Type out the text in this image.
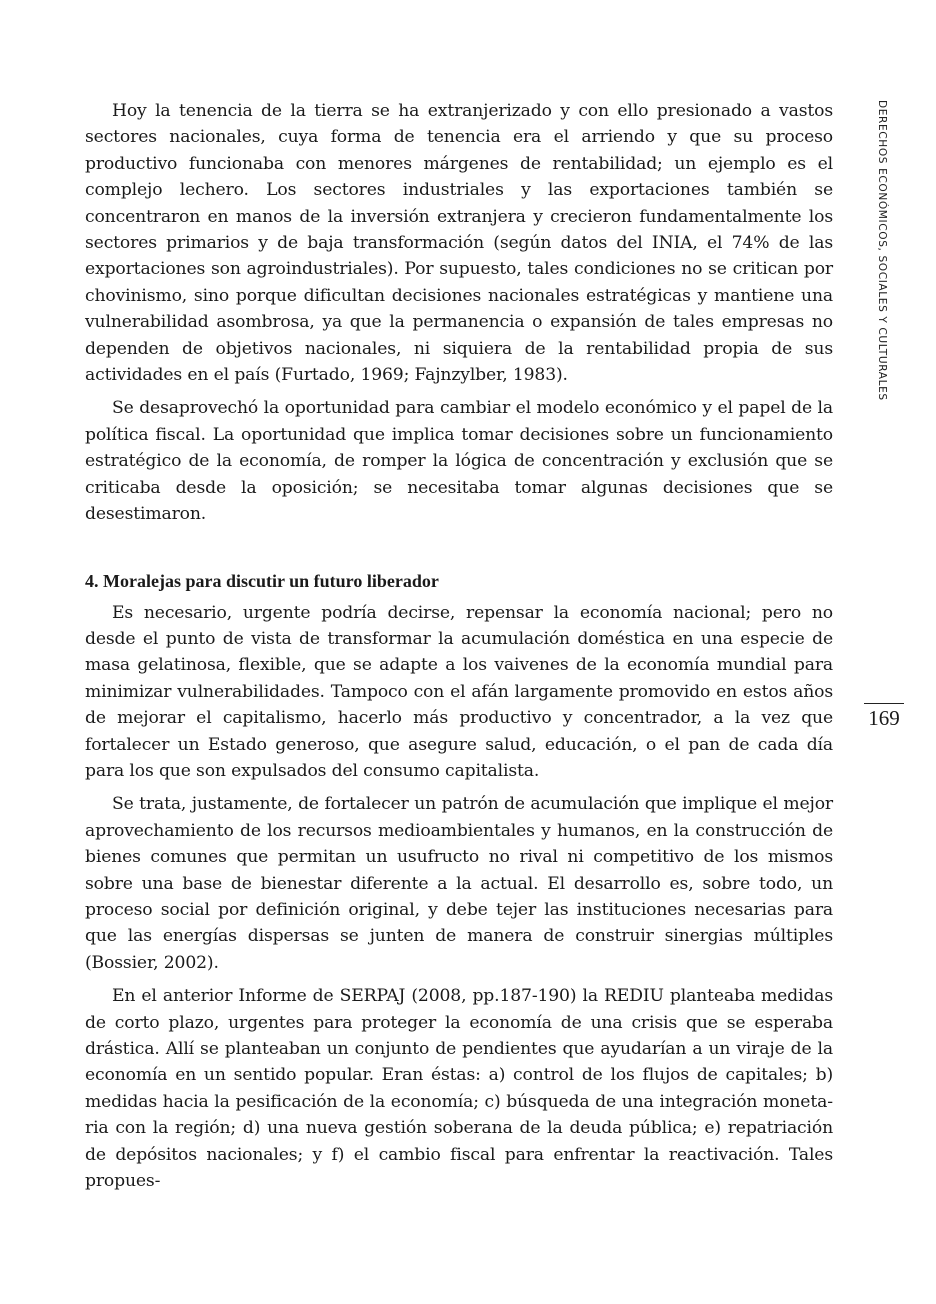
Hoy la tenencia de la tierra se ha extranjerizado y con ello presionado a vastos sectores nacionales, cuya forma de tenencia era el arriendo y que su proceso productivo funcionaba con menores márgenes de rentabilidad; un ejemplo es el complejo lechero. Los sectores industriales y las exportaciones también se concentraron en manos de la inversión extranjera y crecieron fundamentalmente los sectores primarios y de baja transformación (según datos del INIA, el 74% de las exportaciones son agroindustriales). Por supuesto, tales condiciones no se critican por chovinismo, sino porque dificultan decisiones nacionales estratégicas y mantiene una vulnerabilidad asombrosa, ya que la permanencia o expansión de tales empresas no dependen de objetivos nacionales, ni siquiera de la rentabilidad propia de sus actividades en el país (Furtado, 1969; Fajnzylber, 1983).

Se desaprovechó la oportunidad para cambiar el modelo económico y el papel de la política fiscal. La oportunidad que implica tomar decisiones sobre un funcionamiento estratégico de la economía, de romper la lógica de concentración y exclusión que se criticaba desde la oposición; se necesitaba tomar algunas decisiones que se desestimaron.

4. Moralejas para discutir un futuro liberador

Es necesario, urgente podría decirse, repensar la economía nacional; pero no desde el punto de vista de transformar la acumulación doméstica en una especie de masa gelatinosa, flexible, que se adapte a los vaivenes de la economía mundial para minimizar vulnerabilidades. Tampoco con el afán largamente promovido en estos años de mejorar el capitalismo, hacerlo más productivo y concentrador, a la vez que fortalecer un Estado generoso, que asegure salud, educación, o el pan de cada día para los que son expulsados del consumo capitalista.

Se trata, justamente, de fortalecer un patrón de acumulación que implique el mejor aprovechamiento de los recursos medioambientales y humanos, en la construcción de bienes comunes que permitan un usufructo no rival ni competitivo de los mismos sobre una base de bienestar diferente a la actual. El desarrollo es, sobre todo, un proceso social por definición original, y debe tejer las instituciones necesarias para que las energías dispersas se junten de manera de construir sinergias múltiples (Bossier, 2002).

En el anterior Informe de SERPAJ (2008, pp.187-190) la REDIU planteaba medidas de corto plazo, urgentes para proteger la economía de una crisis que se esperaba drástica. Allí se planteaban un conjunto de pendientes que ayudarían a un viraje de la economía en un sentido popular. Eran éstas: a) control de los flujos de capitales; b) medidas hacia la pesificación de la economía; c) búsqueda de una integración monetaria con la región; d) una nueva gestión soberana de la deuda pública; e) repatriación de depósitos nacionales; y f) el cambio fiscal para enfrentar la reactivación. Tales propues-

DERECHOS ECONÓMICOS, SOCIALES Y CULTURALES
169
